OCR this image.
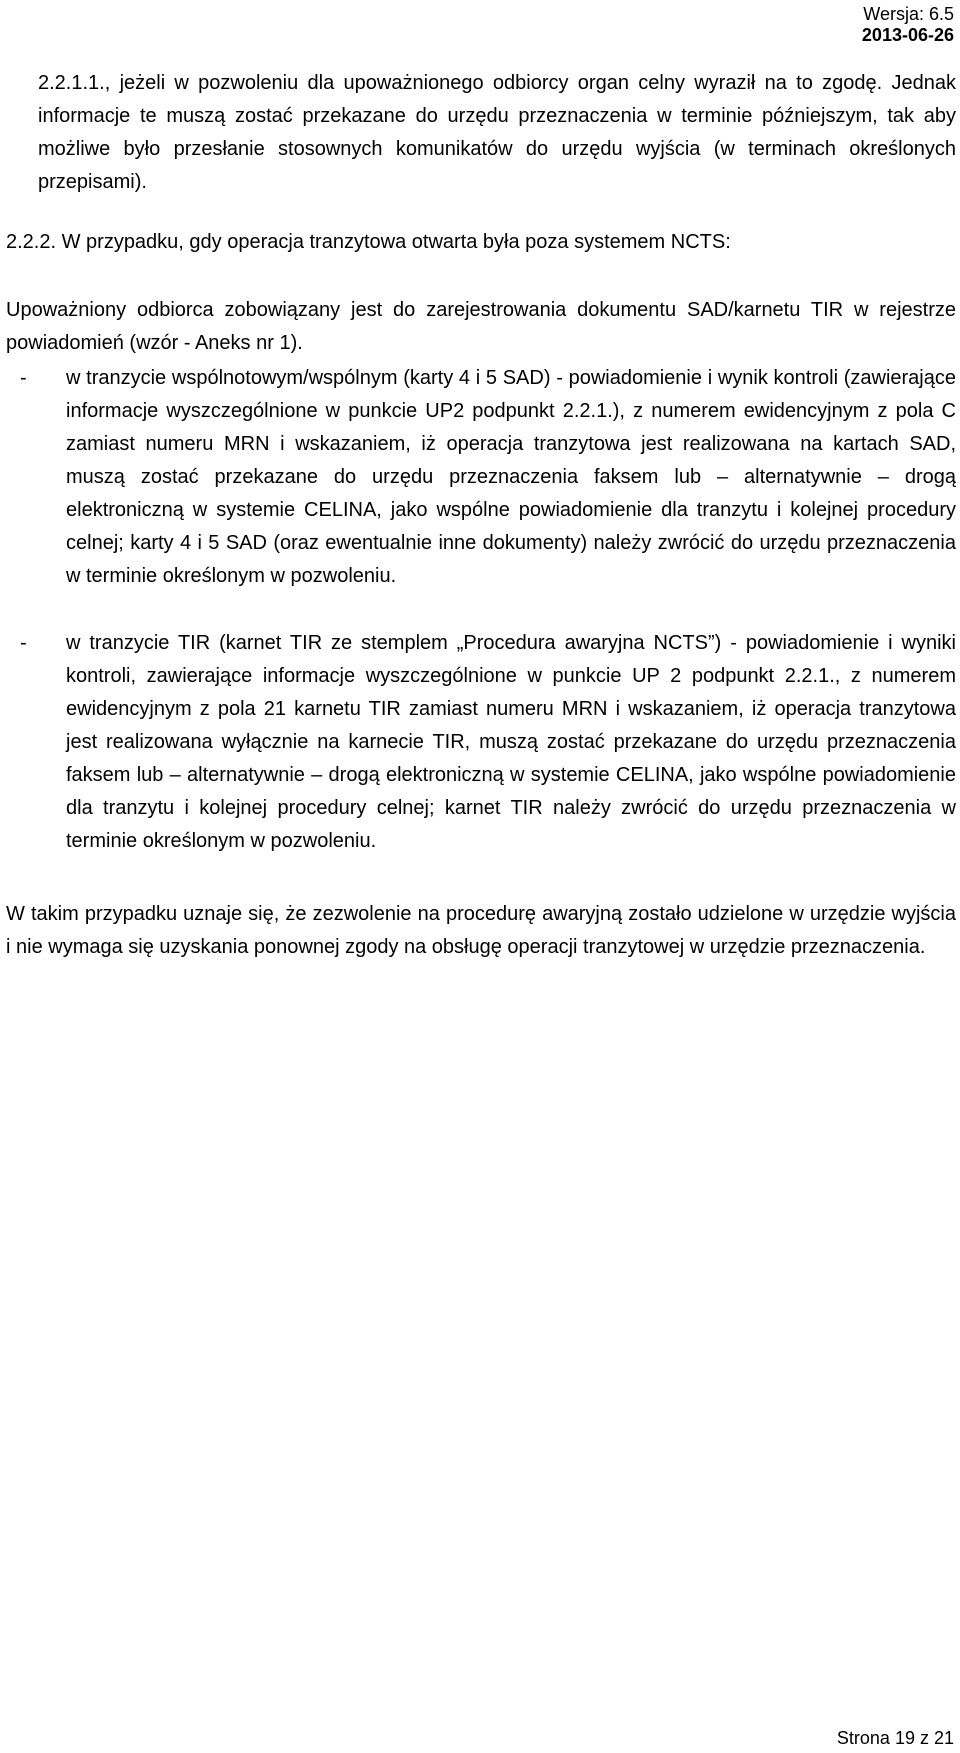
Wersja: 6.5
2013-06-26

2.2.1.1., jeżeli w pozwoleniu dla upoważnionego odbiorcy organ celny wyraził na to zgodę. Jednak informacje te muszą zostać przekazane do urzędu przeznaczenia w terminie późniejszym, tak aby możliwe było przesłanie stosownych komunikatów do urzędu wyjścia (w terminach określonych przepisami).

2.2.2. W przypadku, gdy operacja tranzytowa otwarta była poza systemem NCTS:

Upoważniony odbiorca zobowiązany jest do zarejestrowania dokumentu SAD/karnetu TIR w rejestrze powiadomień (wzór - Aneks nr 1).

- w tranzycie wspólnotowym/wspólnym (karty 4 i 5 SAD) - powiadomienie i wynik kontroli (zawierające informacje wyszczególnione w punkcie UP2 podpunkt 2.2.1.), z numerem ewidencyjnym z pola C zamiast numeru MRN i wskazaniem, iż operacja tranzytowa jest realizowana na kartach SAD, muszą zostać przekazane do urzędu przeznaczenia faksem lub – alternatywnie – drogą elektroniczną w systemie CELINA, jako wspólne powiadomienie dla tranzytu i kolejnej procedury celnej; karty 4 i 5 SAD (oraz ewentualnie inne dokumenty) należy zwrócić do urzędu przeznaczenia w terminie określonym w pozwoleniu.

- w tranzycie TIR (karnet TIR ze stemplem „Procedura awaryjna NCTS”) - powiadomienie i wyniki kontroli, zawierające informacje wyszczególnione w punkcie UP 2 podpunkt 2.2.1., z numerem ewidencyjnym z pola 21 karnetu TIR zamiast numeru MRN i wskazaniem, iż operacja tranzytowa jest realizowana wyłącznie na karnecie TIR, muszą zostać przekazane do urzędu przeznaczenia faksem lub – alternatywnie – drogą elektroniczną w systemie CELINA, jako wspólne powiadomienie dla tranzytu i kolejnej procedury celnej; karnet TIR należy zwrócić do urzędu przeznaczenia w terminie określonym w pozwoleniu.

W takim przypadku uznaje się, że zezwolenie na procedurę awaryjną zostało udzielone w urzędzie wyjścia i nie wymaga się uzyskania ponownej zgody na obsługę operacji tranzytowej w urzędzie przeznaczenia.

Strona 19 z 21
